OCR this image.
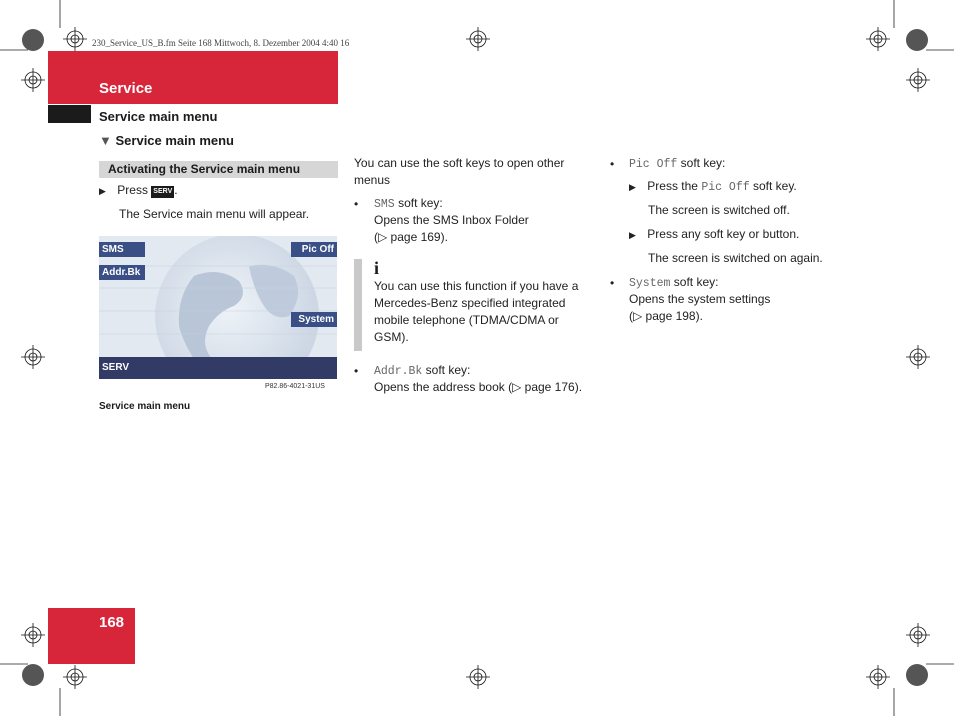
230_Service_US_B.fm Seite 168 Mittwoch, 8. Dezember 2004 4:40 16
Service
Service main menu
▼ Service main menu
Activating the Service main menu
▶ Press SERV .
The Service main menu will appear.
SMS
Addr.Bk
Pic Off
System
SERV
P82.86-4021-31US
Service main menu
You can use the soft keys to open other
menus
• SMS soft key:
Opens the SMS Inbox Folder
(▷ page 169).
i
You can use this function if you have a
Mercedes-Benz specified integrated
mobile telephone (TDMA/CDMA or
GSM).
• Addr.Bk soft key:
Opens the address book (▷ page 176).
• Pic Off soft key:
▶ Press the Pic Off soft key.
The screen is switched off.
▶ Press any soft key or button.
The screen is switched on again.
• System soft key:
Opens the system settings
(▷ page 198).
168
